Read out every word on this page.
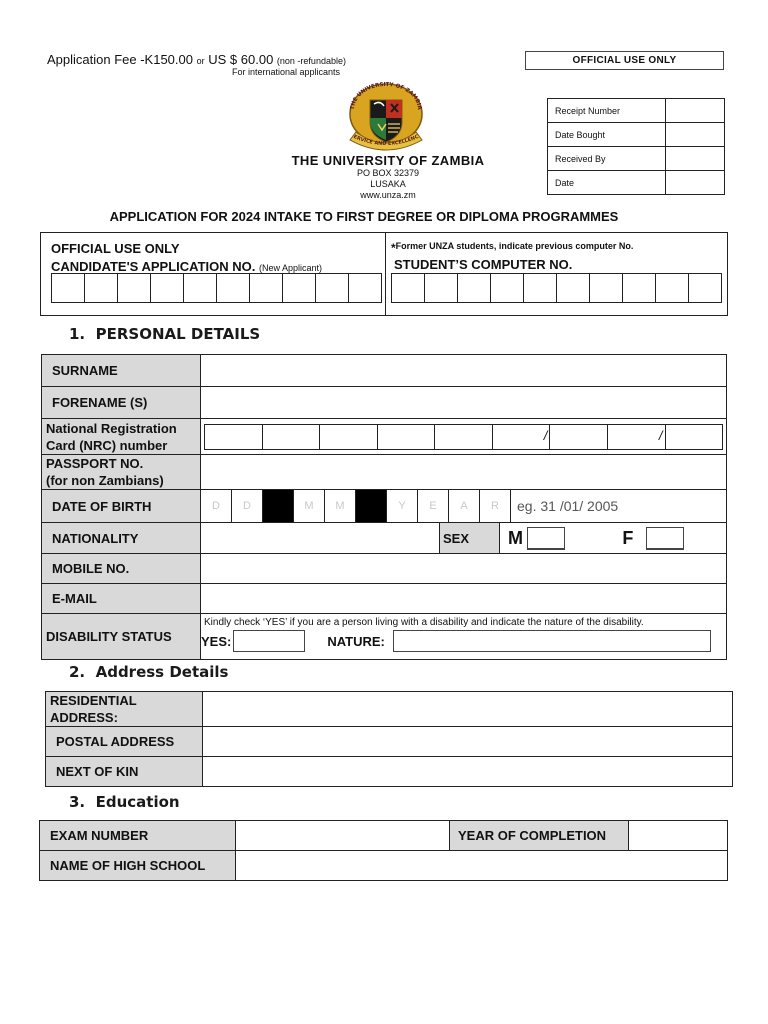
Application Fee -K150.00 or US $ 60.00 (non -refundable)
For international applicants
OFFICIAL USE ONLY
Receipt Number	
Date Bought	
Received By	
Date	
THE UNIVERSITY OF ZAMBIA
ERVICE AND EXCELLENC
THE UNIVERSITY OF ZAMBIA
PO BOX 32379
LUSAKA
www.unza.zm
APPLICATION FOR 2024 INTAKE TO FIRST DEGREE OR DIPLOMA PROGRAMMES
OFFICIAL USE ONLY
CANDIDATE'S APPLICATION NO. (New Applicant)
*Former UNZA students, indicate previous computer No.
STUDENT’S COMPUTER NO.
1. PERSONAL DETAILS
SURNAME	
FORENAME (S)	

National Registration
Card (NRC) number

/	/

PASSPORT NO.
(for non Zambians)

DATE OF BIRTH		D	D		M	M		Y	E	A	R	eg. 31 /01/ 2005

NATIONALITY		SEX	M	F
MOBILE NO.	
E-MAIL	
DISABILITY STATUS	
Kindly check ‘YES’ if you are a person living with a disability and indicate the nature of the disability.
YES:	NATURE:
2. Address Details
RESIDENTIAL
ADDRESS:	

POSTAL ADDRESS	
NEXT OF KIN	
3. Education
EXAM NUMBER		YEAR OF COMPLETION	
NAME OF HIGH SCHOOL			
